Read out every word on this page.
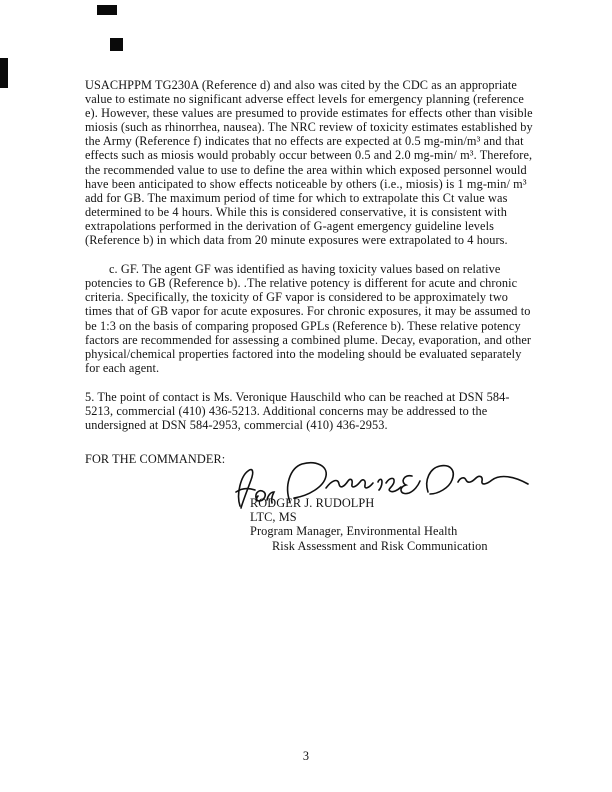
USACHPPM TG230A (Reference d) and also was cited by the CDC as an appropriate value to estimate no significant adverse effect levels for emergency planning (reference e). However, these values are presumed to provide estimates for effects other than visible miosis (such as rhinorrhea, nausea). The NRC review of toxicity estimates established by the Army (Reference f) indicates that no effects are expected at 0.5 mg-min/m³ and that effects such as miosis would probably occur between 0.5 and 2.0 mg-min/ m³. Therefore, the recommended value to use to define the area within which exposed personnel would have been anticipated to show effects noticeable by others (i.e., miosis) is 1 mg-min/ m³ add for GB. The maximum period of time for which to extrapolate this Ct value was determined to be 4 hours. While this is considered conservative, it is consistent with extrapolations performed in the derivation of G-agent emergency guideline levels (Reference b) in which data from 20 minute exposures were extrapolated to 4 hours.

c. GF. The agent GF was identified as having toxicity values based on relative potencies to GB (Reference b). .The relative potency is different for acute and chronic criteria. Specifically, the toxicity of GF vapor is considered to be approximately two times that of GB vapor for acute exposures. For chronic exposures, it may be assumed to be 1:3 on the basis of comparing proposed GPLs (Reference b). These relative potency factors are recommended for assessing a combined plume. Decay, evaporation, and other physical/chemical properties factored into the modeling should be evaluated separately for each agent.

5. The point of contact is Ms. Veronique Hauschild who can be reached at DSN 584-5213, commercial (410) 436-5213. Additional concerns may be addressed to the undersigned at DSN 584-2953, commercial (410) 436-2953.

FOR THE COMMANDER:

RODGER J. RUDOLPH
LTC, MS
Program Manager, Environmental Health
Risk Assessment and Risk Communication
3
